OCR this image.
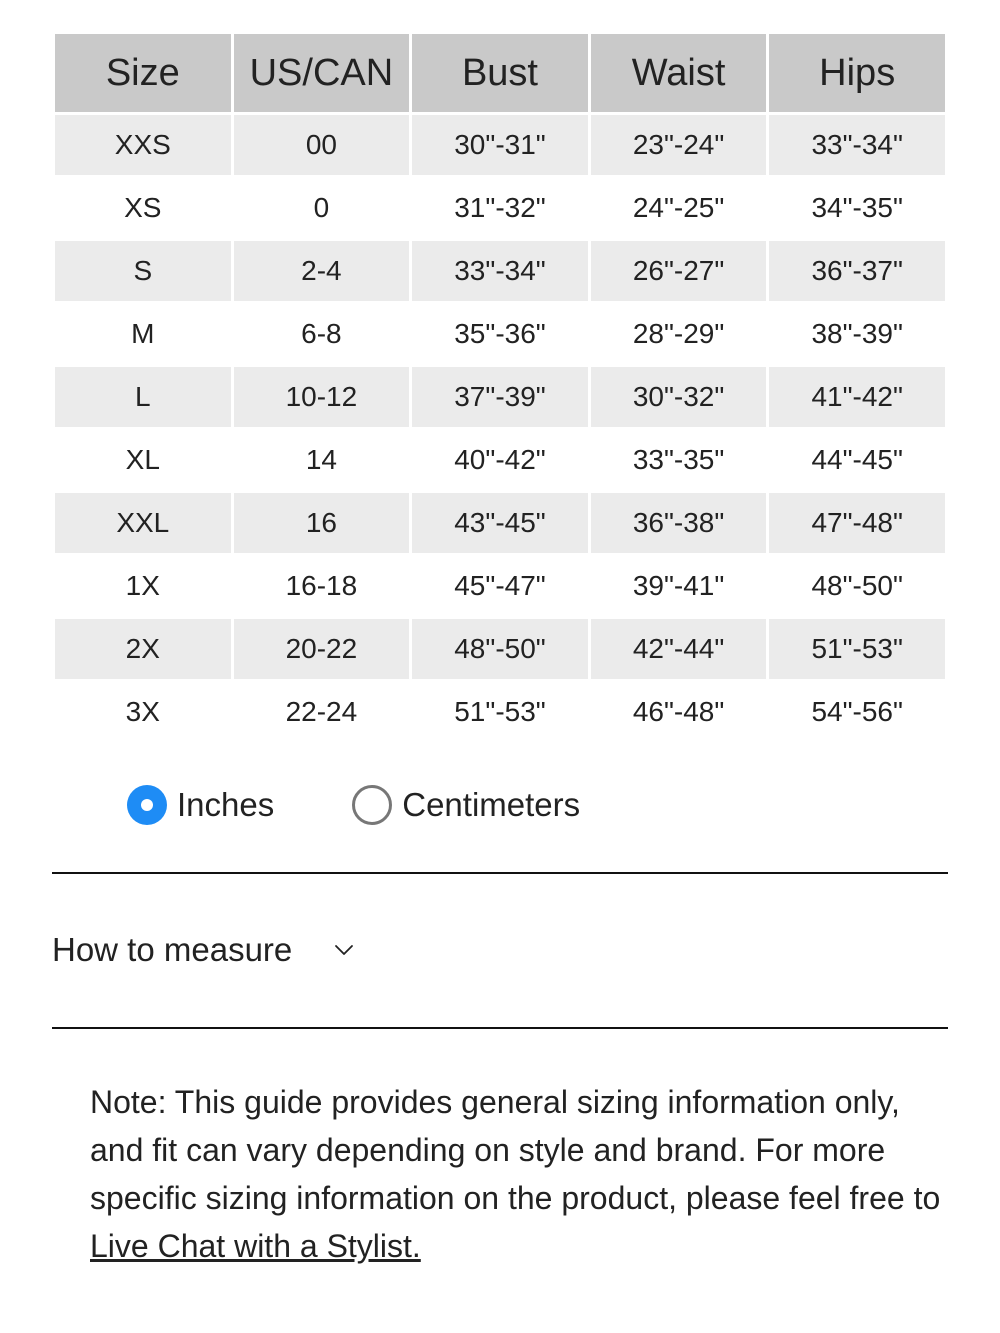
Size	US/CAN	Bust	Waist	Hips
XXS	00	30"-31"	23"-24"	33"-34"
XS	0	31"-32"	24"-25"	34"-35"
S	2-4	33"-34"	26"-27"	36"-37"
M	6-8	35"-36"	28"-29"	38"-39"
L	10-12	37"-39"	30"-32"	41"-42"
XL	14	40"-42"	33"-35"	44"-45"
XXL	16	43"-45"	36"-38"	47"-48"
1X	16-18	45"-47"	39"-41"	48"-50"
2X	20-22	48"-50"	42"-44"	51"-53"
3X	22-24	51"-53"	46"-48"	54"-56"
Inches	Centimeters
How to measure

Note: This guide provides general sizing information only, and fit can vary depending on style and brand. For more specific sizing information on the product, please feel free to Live Chat with a Stylist.
